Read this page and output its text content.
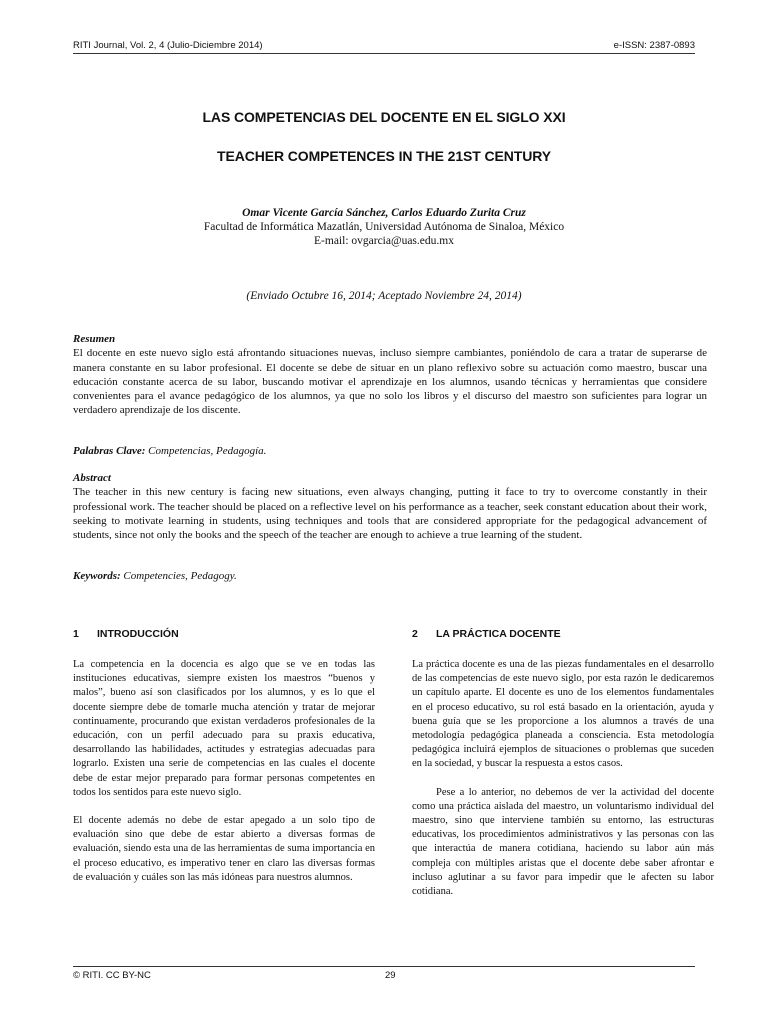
RITI Journal, Vol. 2, 4 (Julio-Diciembre 2014)	e-ISSN: 2387-0893
LAS COMPETENCIAS DEL DOCENTE EN EL SIGLO XXI
TEACHER COMPETENCES IN THE 21ST CENTURY
Omar Vicente García Sánchez, Carlos Eduardo Zurita Cruz
Facultad de Informática Mazatlán, Universidad Autónoma de Sinaloa, México
E-mail: ovgarcia@uas.edu.mx
(Enviado Octubre 16, 2014; Aceptado Noviembre 24, 2014)
Resumen
El docente en este nuevo siglo está afrontando situaciones nuevas, incluso siempre cambiantes, poniéndolo de cara a tratar de superarse de manera constante en su labor profesional. El docente se debe de situar en un plano reflexivo sobre su actuación como maestro, buscar una educación constante acerca de su labor, buscando motivar el aprendizaje en los alumnos, usando técnicas y herramientas que considere convenientes para el avance pedagógico de los alumnos, ya que no solo los libros y el discurso del maestro son suficientes para lograr un verdadero aprendizaje de los discente.
Palabras Clave: Competencias, Pedagogía.
Abstract
The teacher in this new century is facing new situations, even always changing, putting it face to try to overcome constantly in their professional work. The teacher should be placed on a reflective level on his performance as a teacher, seek constant education about their work, seeking to motivate learning in students, using techniques and tools that are considered appropriate for the pedagogical advancement of students, since not only the books and the speech of the teacher are enough to achieve a true learning of the student.
Keywords: Competencies, Pedagogy.
1 INTRODUCCIÓN	2 LA PRÁCTICA DOCENTE

La competencia en la docencia es algo que se ve en todas las instituciones educativas, siempre existen los maestros “buenos y malos”, bueno así son clasificados por los alumnos, y es lo que el docente siempre debe de tomarle mucha atención y tratar de mejorar continuamente, procurando que existan verdaderos profesionales de la educación, con un perfil adecuado para su praxis educativa, desarrollando las habilidades, actitudes y estrategias adecuadas para lograrlo. Existen una serie de competencias en las cuales el docente debe de estar mejor preparado para formar personas competentes en todos los sentidos para este nuevo siglo.

El docente además no debe de estar apegado a un solo tipo de evaluación sino que debe de estar abierto a diversas formas de evaluación, siendo esta una de las herramientas de suma importancia en el proceso educativo, es imperativo tener en claro las diversas formas de evaluación y cuáles son las más idóneas para nuestros alumnos.

La práctica docente es una de las piezas fundamentales en el desarrollo de las competencias de este nuevo siglo, por esta razón le dedicaremos un capítulo aparte. El docente es uno de los elementos fundamentales en el proceso educativo, su rol está basado en la orientación, ayuda y buena guía que se les proporcione a los alumnos a través de una metodología pedagógica planeada a consciencia. Esta metodología pedagógica incluirá ejemplos de situaciones o problemas que suceden en la sociedad, y buscar la respuesta a estos casos.

Pese a lo anterior, no debemos de ver la actividad del docente como una práctica aislada del maestro, un voluntarismo individual del maestro, sino que interviene también su entorno, las estructuras educativas, los procedimientos administrativos y las personas con las que interactúa de manera cotidiana, haciendo su labor aún más compleja con múltiples aristas que el docente debe saber afrontar e incluso aglutinar a su favor para impedir que le afecten su labor cotidiana.

© RITI. CC BY-NC	29
